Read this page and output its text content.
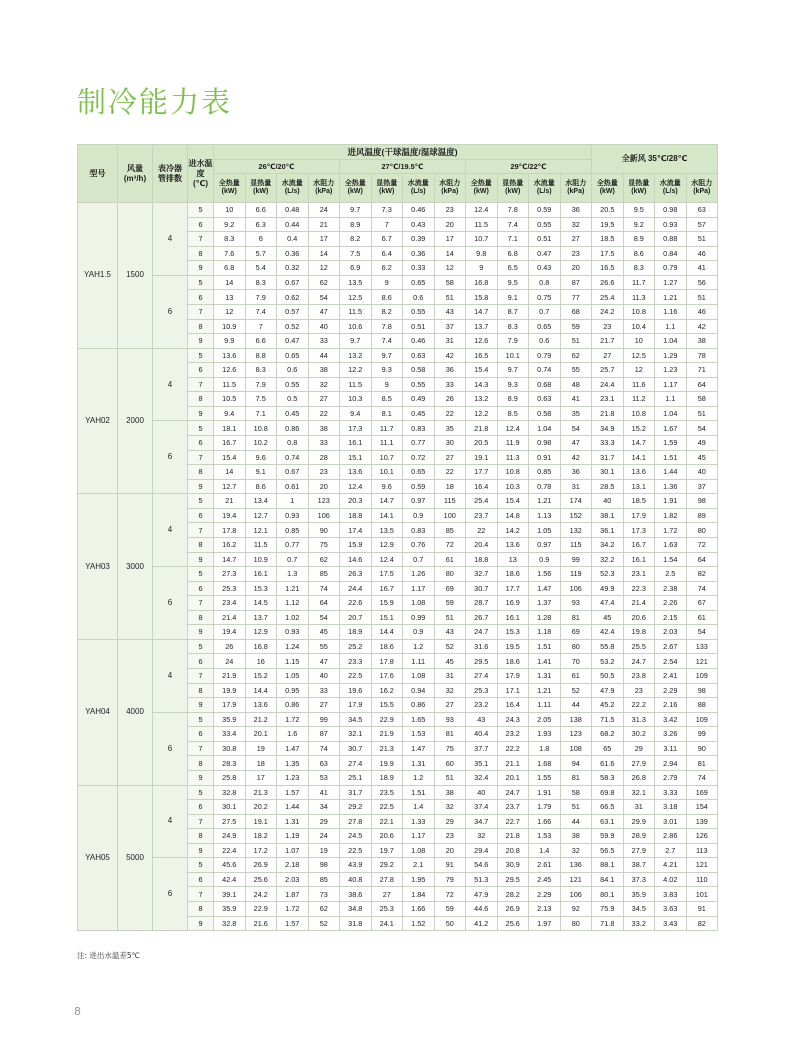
制冷能力表
型号	风量 (m³/h)	表冷器 管排数	进水温度 (℃)	进风温度(干球温度/湿球温度)												全新风 35℃/28℃			
				26℃/20℃				27℃/19.5℃				29℃/22℃							
				全热量 (kW)	显热量 (kW)	水流量 (L/s)	水阻力 (kPa)	全热量 (kW)	显热量 (kW)	水流量 (L/s)	水阻力 (kPa)	全热量 (kW)	显热量 (kW)	水流量 (L/s)	水阻力 (kPa)	全热量 (kW)	显热量 (kW)	水流量 (L/s)	水阻力 (kPa)
YAH1.5	1500	4	5	10	6.6	0.48	24	9.7	7.3	0.46	23	12.4	7.8	0.59	36	20.5	9.5	0.98	63
			6	9.2	6.3	0.44	21	8.9	7	0.43	20	11.5	7.4	0.55	32	19.5	9.2	0.93	57
			7	8.3	6	0.4	17	8.2	6.7	0.39	17	10.7	7.1	0.51	27	18.5	8.9	0.88	51
			8	7.6	5.7	0.36	14	7.5	6.4	0.36	14	9.8	6.8	0.47	23	17.5	8.6	0.84	46
			9	6.8	5.4	0.32	12	6.9	6.2	0.33	12	9	6.5	0.43	20	16.5	8.3	0.79	41
		6	5	14	8.3	0.67	62	13.5	9	0.65	58	16.8	9.5	0.8	87	26.6	11.7	1.27	56
			6	13	7.9	0.62	54	12.5	8.6	0.6	51	15.8	9.1	0.75	77	25.4	11.3	1.21	51
			7	12	7.4	0.57	47	11.5	8.2	0.55	43	14.7	8.7	0.7	68	24.2	10.8	1.16	46
			8	10.9	7	0.52	40	10.6	7.8	0.51	37	13.7	8.3	0.65	59	23	10.4	1.1	42
			9	9.9	6.6	0.47	33	9.7	7.4	0.46	31	12.6	7.9	0.6	51	21.7	10	1.04	38
YAH02	2000	4	5	13.6	8.8	0.65	44	13.2	9.7	0.63	42	16.5	10.1	0.79	62	27	12.5	1.29	78
			6	12.6	8.3	0.6	38	12.2	9.3	0.58	36	15.4	9.7	0.74	55	25.7	12	1.23	71
			7	11.5	7.9	0.55	32	11.5	9	0.55	33	14.3	9.3	0.68	48	24.4	11.6	1.17	64
			8	10.5	7.5	0.5	27	10.3	8.5	0.49	26	13.2	8.9	0.63	41	23.1	11.2	1.1	58
			9	9.4	7.1	0.45	22	9.4	8.1	0.45	22	12.2	8.5	0.58	35	21.8	10.8	1.04	51
		6	5	18.1	10.8	0.86	38	17.3	11.7	0.83	35	21.8	12.4	1.04	54	34.9	15.2	1.67	54
			6	16.7	10.2	0.8	33	16.1	11.1	0.77	30	20.5	11.9	0.98	47	33.3	14.7	1.59	49
			7	15.4	9.6	0.74	28	15.1	10.7	0.72	27	19.1	11.3	0.91	42	31.7	14.1	1.51	45
			8	14	9.1	0.67	23	13.6	10.1	0.65	22	17.7	10.8	0.85	36	30.1	13.6	1.44	40
			9	12.7	8.6	0.61	20	12.4	9.6	0.59	18	16.4	10.3	0.78	31	28.5	13.1	1.36	37
YAH03	3000	4	5	21	13.4	1	123	20.3	14.7	0.97	115	25.4	15.4	1.21	174	40	18.5	1.91	98
			6	19.4	12.7	0.93	106	18.8	14.1	0.9	100	23.7	14.8	1.13	152	38.1	17.9	1.82	89
			7	17.8	12.1	0.85	90	17.4	13.5	0.83	85	22	14.2	1.05	132	36.1	17.3	1.72	80
			8	16.2	11.5	0.77	75	15.9	12.9	0.76	72	20.4	13.6	0.97	115	34.2	16.7	1.63	72
			9	14.7	10.9	0.7	62	14.6	12.4	0.7	61	18.8	13	0.9	99	32.2	16.1	1.54	64
		6	5	27.3	16.1	1.3	85	26.3	17.5	1.26	80	32.7	18.6	1.56	119	52.3	23.1	2.5	82
			6	25.3	15.3	1.21	74	24.4	16.7	1.17	69	30.7	17.7	1.47	106	49.9	22.3	2.38	74
			7	23.4	14.5	1.12	64	22.6	15.9	1.08	59	28.7	16.9	1.37	93	47.4	21.4	2.26	67
			8	21.4	13.7	1.02	54	20.7	15.1	0.99	51	26.7	16.1	1.28	81	45	20.6	2.15	61
			9	19.4	12.9	0.93	45	18.9	14.4	0.9	43	24.7	15.3	1.18	69	42.4	19.8	2.03	54
YAH04	4000	4	5	26	16.8	1.24	55	25.2	18.6	1.2	52	31.6	19.5	1.51	80	55.8	25.5	2.67	133
			6	24	16	1.15	47	23.3	17.8	1.11	45	29.5	18.6	1.41	70	53.2	24.7	2.54	121
			7	21.9	15.2	1.05	40	22.5	17.6	1.08	31	27.4	17.9	1.31	61	50.5	23.8	2.41	109
			8	19.9	14.4	0.95	33	19.6	16.2	0.94	32	25.3	17.1	1.21	52	47.9	23	2.29	98
			9	17.9	13.6	0.86	27	17.9	15.5	0.86	27	23.2	16.4	1.11	44	45.2	22.2	2.16	88
		6	5	35.9	21.2	1.72	99	34.5	22.9	1.65	93	43	24.3	2.05	138	71.5	31.3	3.42	109
			6	33.4	20.1	1.6	87	32.1	21.9	1.53	81	40.4	23.2	1.93	123	68.2	30.2	3.26	99
			7	30.8	19	1.47	74	30.7	21.3	1.47	75	37.7	22.2	1.8	108	65	29	3.11	90
			8	28.3	18	1.35	63	27.4	19.9	1.31	60	35.1	21.1	1.68	94	61.6	27.9	2.94	81
			9	25.8	17	1.23	53	25.1	18.9	1.2	51	32.4	20.1	1.55	81	58.3	26.8	2.79	74
YAH05	5000	4	5	32.8	21.3	1.57	41	31.7	23.5	1.51	38	40	24.7	1.91	58	69.8	32.1	3.33	169
			6	30.1	20.2	1.44	34	29.2	22.5	1.4	32	37.4	23.7	1.79	51	66.5	31	3.18	154
			7	27.5	19.1	1.31	29	27.8	22.1	1.33	29	34.7	22.7	1.66	44	63.1	29.9	3.01	139
			8	24.9	18.2	1.19	24	24.5	20.6	1.17	23	32	21.8	1.53	38	59.9	28.9	2.86	126
			9	22.4	17.2	1.07	19	22.5	19.7	1.08	20	29.4	20.8	1.4	32	56.5	27.9	2.7	113
		6	5	45.6	26.9	2.18	98	43.9	29.2	2.1	91	54.6	30.9	2.61	136	88.1	38.7	4.21	121
			6	42.4	25.6	2.03	85	40.8	27.8	1.95	79	51.3	29.5	2.45	121	84.1	37.3	4.02	110
			7	39.1	24.2	1.87	73	38.6	27	1.84	72	47.9	28.2	2.29	106	80.1	35.9	3.83	101
			8	35.9	22.9	1.72	62	34.8	25.3	1.66	59	44.6	26.9	2.13	92	75.9	34.5	3.63	91
			9	32.8	21.6	1.57	52	31.8	24.1	1.52	50	41.2	25.6	1.97	80	71.8	33.2	3.43	82

注: 进出水温差5℃

8
